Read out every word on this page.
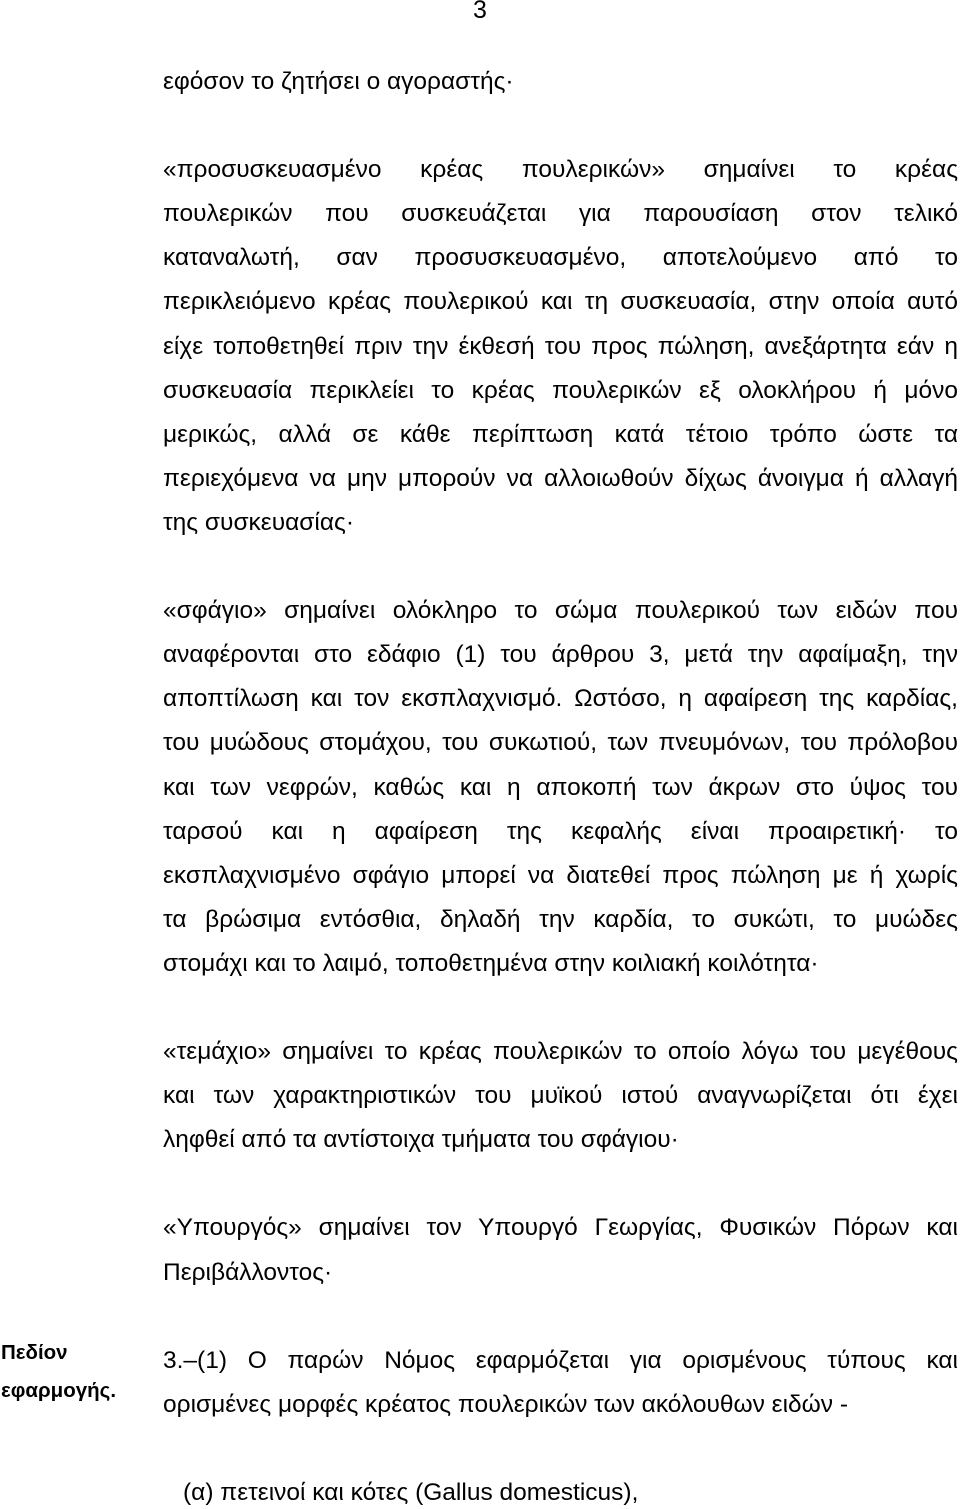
3
Πεδίον
εφαρμογής.
εφόσον το ζητήσει ο αγοραστής·
«προσυσκευασμένο κρέας πουλερικών» σημαίνει το κρέας
πουλερικών που συσκευάζεται για παρουσίαση στον τελικό
καταναλωτή, σαν προσυσκευασμένο, αποτελούμενο από το
περικλειόμενο κρέας πουλερικού και τη συσκευασία, στην οποία αυτό
είχε τοποθετηθεί πριν την έκθεσή του προς πώληση, ανεξάρτητα εάν η
συσκευασία περικλείει το κρέας πουλερικών εξ ολοκλήρου ή μόνο
μερικώς, αλλά σε κάθε περίπτωση κατά τέτοιο τρόπο ώστε τα
περιεχόμενα να μην μπορούν να αλλοιωθούν δίχως άνοιγμα ή αλλαγή
της συσκευασίας·
«σφάγιο» σημαίνει ολόκληρο το σώμα πουλερικού των ειδών που
αναφέρονται στο εδάφιο (1) του άρθρου 3, μετά την αφαίμαξη, την
αποπτίλωση και τον εκσπλαχνισμό. Ωστόσο, η αφαίρεση της καρδίας,
του μυώδους στομάχου, του συκωτιού, των πνευμόνων, του πρόλοβου
και των νεφρών, καθώς και η αποκοπή των άκρων στο ύψος του
ταρσού και η αφαίρεση της κεφαλής είναι προαιρετική· το
εκσπλαχνισμένο σφάγιο μπορεί να διατεθεί προς πώληση με ή χωρίς
τα βρώσιμα εντόσθια, δηλαδή την καρδία, το συκώτι, το μυώδες
στομάχι και το λαιμό, τοποθετημένα στην κοιλιακή κοιλότητα·
«τεμάχιο» σημαίνει το κρέας πουλερικών το οποίο λόγω του μεγέθους
και των χαρακτηριστικών του μυϊκού ιστού αναγνωρίζεται ότι έχει
ληφθεί από τα αντίστοιχα τμήματα του σφάγιου·
«Υπουργός» σημαίνει τον Υπουργό Γεωργίας, Φυσικών Πόρων και
Περιβάλλοντος·
3.–(1) Ο παρών Νόμος εφαρμόζεται για ορισμένους τύπους και
ορισμένες μορφές κρέατος πουλερικών των ακόλουθων ειδών -
(α) πετεινοί και κότες (Gallus domesticus),
